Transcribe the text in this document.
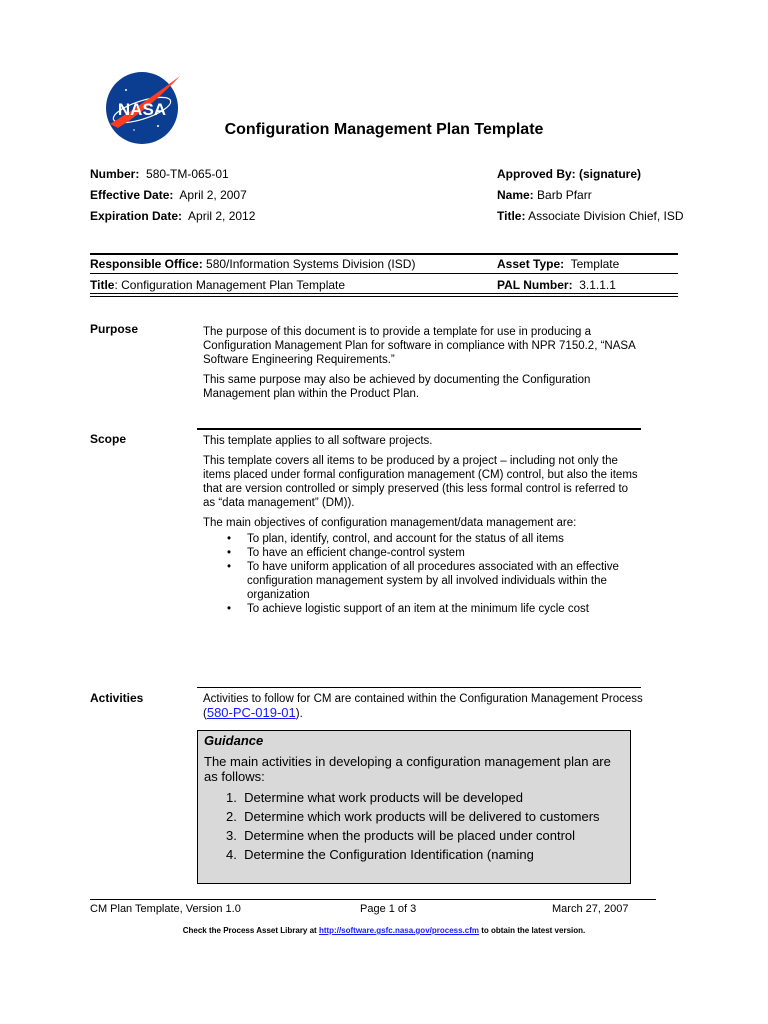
NASA
Configuration Management Plan Template
Number: 580-TM-065-01
Effective Date: April 2, 2007
Expiration Date: April 2, 2012
Approved By: (signature)
Name: Barb Pfarr
Title: Associate Division Chief, ISD
Responsible Office: 580/Information Systems Division (ISD)	Asset Type: Template
Title: Configuration Management Plan Template	PAL Number: 3.1.1.1
Purpose	The purpose of this document is to provide a template for use in producing a Configuration Management Plan for software in compliance with NPR 7150.2, “NASA Software Engineering Requirements.”

This same purpose may also be achieved by documenting the Configuration Management plan within the Product Plan.

Scope	This template applies to all software projects.

This template covers all items to be produced by a project – including not only the items placed under formal configuration management (CM) control, but also the items that are version controlled or simply preserved (this less formal control is referred to as “data management” (DM)).

The main objectives of configuration management/data management are:

• To plan, identify, control, and account for the status of all items
• To have an efficient change-control system
• To have uniform application of all procedures associated with an effective configuration management system by all involved individuals within the organization
• To achieve logistic support of an item at the minimum life cycle cost
Activities	Activities to follow for CM are contained within the Configuration Management Process (580-PC-019-01).
Guidance

The main activities in developing a configuration management plan are as follows:

1. Determine what work products will be developed
2. Determine which work products will be delivered to customers
3. Determine when the products will be placed under control
4. Determine the Configuration Identification (naming
CM Plan Template, Version 1.0	Page 1 of 3	March 27, 2007
Check the Process Asset Library at http://software.gsfc.nasa.gov/process.cfm to obtain the latest version.
